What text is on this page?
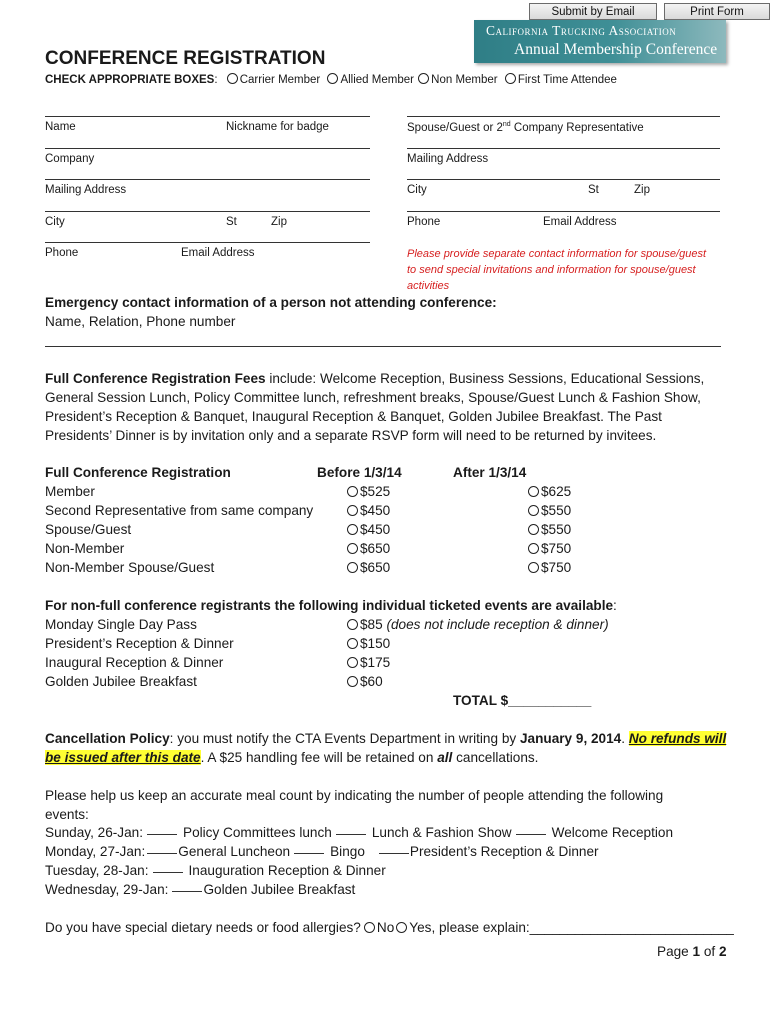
Submit by Email	Print Form
California Trucking Association
Annual Membership Conference
CONFERENCE REGISTRATION
CHECK APPROPRIATE BOXES: Carrier Member Allied Member Non Member First Time Attendee
Name	Nickname for badge
Company
Mailing Address
City	St	Zip
Phone	Email Address
Spouse/Guest or 2nd Company Representative
Mailing Address
City	St	Zip
Phone	Email Address
Please provide separate contact information for spouse/guest
to send special invitations and information for spouse/guest
activities
Emergency contact information of a person not attending conference:
Name, Relation, Phone number
Full Conference Registration Fees include: Welcome Reception, Business Sessions, Educational Sessions,
General Session Lunch, Policy Committee lunch, refreshment breaks, Spouse/Guest Lunch & Fashion Show,
President’s Reception & Banquet, Inaugural Reception & Banquet, Golden Jubilee Breakfast. The Past
Presidents’ Dinner is by invitation only and a separate RSVP form will need to be returned by invitees.
Full Conference Registration	Before 1/3/14	After 1/3/14
Member	$525	$625
Second Representative from same company	$450	$550
Spouse/Guest	$450	$550
Non-Member	$650	$750
Non-Member Spouse/Guest	$650	$750
For non-full conference registrants the following individual ticketed events are available:
Monday Single Day Pass	$85 (does not include reception & dinner)
President’s Reception & Dinner	$150
Inaugural Reception & Dinner	$175
Golden Jubilee Breakfast	$60
TOTAL $___________
Cancellation Policy: you must notify the CTA Events Department in writing by January 9, 2014. No refunds will
be issued after this date. A $25 handling fee will be retained on all cancellations.
Please help us keep an accurate meal count by indicating the number of people attending the following
events:
Sunday, 26-Jan:	Policy Committees lunch	Lunch & Fashion Show	Welcome Reception
Monday, 27-Jan: General Luncheon	Bingo	President’s Reception & Dinner
Tuesday, 28-Jan:	Inauguration Reception & Dinner
Wednesday, 29-Jan:	Golden Jubilee Breakfast
Do you have special dietary needs or food allergies? No Yes, please explain:___________________________
Page 1 of 2
